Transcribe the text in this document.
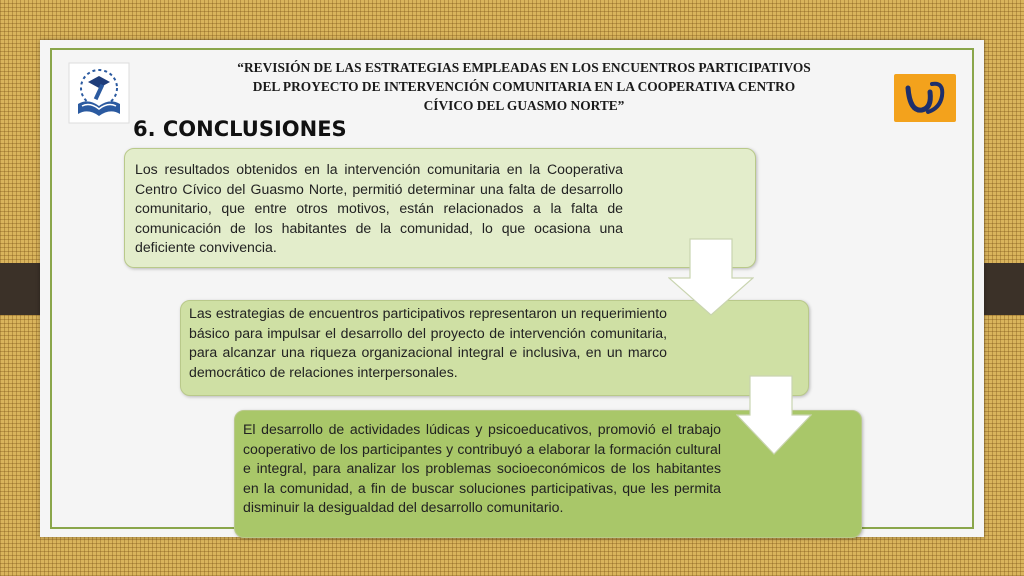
“REVISIÓN DE LAS ESTRATEGIAS EMPLEADAS EN LOS ENCUENTROS PARTICIPATIVOS DEL PROYECTO DE INTERVENCIÓN COMUNITARIA EN LA COOPERATIVA CENTRO CÍVICO DEL GUASMO NORTE”
6. CONCLUSIONES

Los resultados obtenidos en la intervención comunitaria en la Cooperativa Centro Cívico del Guasmo Norte, permitió determinar una falta de desarrollo comunitario, que entre otros motivos, están relacionados a la falta de comunicación de los habitantes de la comunidad, lo que ocasiona una deficiente convivencia.

Las estrategias de encuentros participativos representaron un requerimiento básico para impulsar el desarrollo del proyecto de intervención comunitaria, para alcanzar una riqueza organizacional integral e inclusiva, en un marco democrático de relaciones interpersonales.

El desarrollo de actividades lúdicas y psicoeducativos, promovió el trabajo cooperativo de los participantes y contribuyó a elaborar la formación cultural e integral, para analizar los problemas socioeconómicos de los habitantes en la comunidad, a fin de buscar soluciones participativas, que les permita disminuir la desigualdad del desarrollo comunitario.
